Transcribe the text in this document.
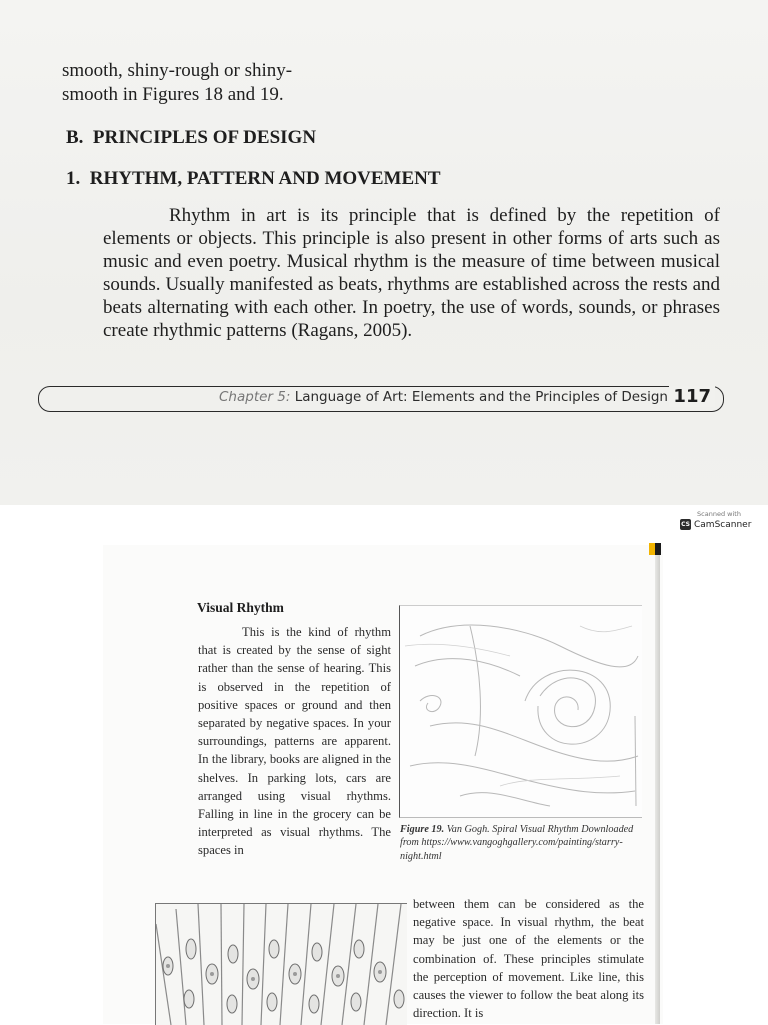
smooth, shiny-rough or shiny-
smooth in Figures 18 and 19.
B. PRINCIPLES OF DESIGN
1. RHYTHM, PATTERN AND MOVEMENT
Rhythm in art is its principle that is defined by the repetition of elements or objects. This principle is also present in other forms of arts such as music and even poetry. Musical rhythm is the measure of time between musical sounds. Usually manifested as beats, rhythms are established across the rests and beats alternating with each other. In poetry, the use of words, sounds, or phrases create rhythmic patterns (Ragans, 2005).
Chapter 5: Language of Art: Elements and the Principles of Design 117
Scanned with
CS CamScanner
Visual Rhythm
This is the kind of rhythm that is created by the sense of sight rather than the sense of hearing. This is observed in the repetition of positive spaces or ground and then separated by negative spaces. In your surroundings, patterns are apparent. In the library, books are aligned in the shelves. In parking lots, cars are arranged using visual rhythms. Falling in line in the grocery can be interpreted as visual rhythms. The spaces in
Figure 19. Van Gogh. Spiral Visual Rhythm Downloaded from https://www.vangoghgallery.com/painting/starry-night.html
between them can be considered as the negative space. In visual rhythm, the beat may be just one of the elements or the combination of. These principles stimulate the perception of movement. Like line, this causes the viewer to follow the beat along its direction. It is
